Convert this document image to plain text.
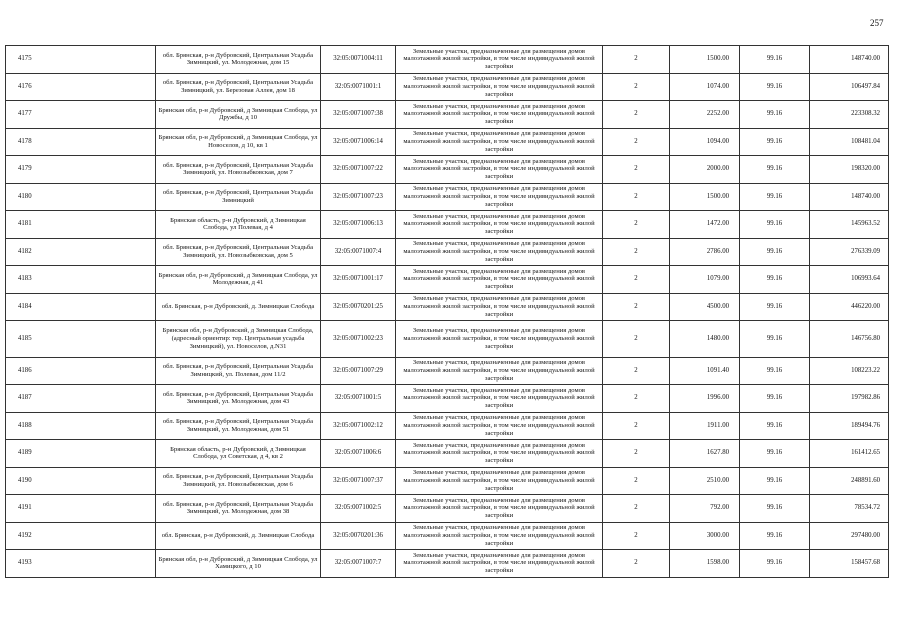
257
4175	обл. Брянская, р-н Дубровский, Центральная Усадьба Зимницкий, ул. Молодежная, дом 15	32:05:0071004:11	Земельные участки, предназначенные для размещения домов малоэтажной жилой застройки, в том числе индивидуальной жилой застройки	2	1500.00	99.16	148740.00
4176	обл. Брянская, р-н Дубровский, Центральная Усадьба Зимницкий, ул. Березовая Аллея, дом 18	32:05:0071001:1	Земельные участки, предназначенные для размещения домов малоэтажной жилой застройки, в том числе индивидуальной жилой застройки	2	1074.00	99.16	106497.84
4177	Брянская обл, р-н Дубровский, д Зимницкая Слобода, ул Дружбы, д 10	32:05:0071007:38	Земельные участки, предназначенные для размещения домов малоэтажной жилой застройки, в том числе индивидуальной жилой застройки	2	2252.00	99.16	223308.32
4178	Брянская обл, р-н Дубровский, д Зимницкая Слобода, ул Новоселов, д 10, кв 1	32:05:0071006:14	Земельные участки, предназначенные для размещения домов малоэтажной жилой застройки, в том числе индивидуальной жилой застройки	2	1094.00	99.16	108481.04
4179	обл. Брянская, р-н Дубровский, Центральная Усадьба Зимницкий, ул. Новозыбковская, дом 7	32:05:0071007:22	Земельные участки, предназначенные для размещения домов малоэтажной жилой застройки, в том числе индивидуальной жилой застройки	2	2000.00	99.16	198320.00
4180	обл. Брянская, р-н Дубровский, Центральная Усадьба Зимницкий	32:05:0071007:23	Земельные участки, предназначенные для размещения домов малоэтажной жилой застройки, в том числе индивидуальной жилой застройки	2	1500.00	99.16	148740.00
4181	Брянская область, р-н Дубровский, д Зимницкая Слобода, ул Полевая, д 4	32:05:0071006:13	Земельные участки, предназначенные для размещения домов малоэтажной жилой застройки, в том числе индивидуальной жилой застройки	2	1472.00	99.16	145963.52
4182	обл. Брянская, р-н Дубровский, Центральная Усадьба Зимницкий, ул. Новозыбковская, дом 5	32:05:0071007:4	Земельные участки, предназначенные для размещения домов малоэтажной жилой застройки, в том числе индивидуальной жилой застройки	2	2786.00	99.16	276339.09
4183	Брянская обл, р-н Дубровский, д Зимницкая Слобода, ул Молодежная, д 41	32:05:0071001:17	Земельные участки, предназначенные для размещения домов малоэтажной жилой застройки, в том числе индивидуальной жилой застройки	2	1079.00	99.16	106993.64
4184	обл. Брянская, р-н Дубровский, д. Зимницкая Слобода	32:05:0070201:25	Земельные участки, предназначенные для размещения домов малоэтажной жилой застройки, в том числе индивидуальной жилой застройки	2	4500.00	99.16	446220.00
4185	Брянская обл, р-н Дубровский, д Зимницкая Слобода, (адресный ориентир: тер. Центральная усадьба Зимницкий), ул. Новоселов, д.N31	32:05:0071002:23	Земельные участки, предназначенные для размещения домов малоэтажной жилой застройки, в том числе индивидуальной жилой застройки	2	1480.00	99.16	146756.80
4186	обл. Брянская, р-н Дубровский, Центральная Усадьба Зимницкий, ул. Полевая, дом 11/2	32:05:0071007:29	Земельные участки, предназначенные для размещения домов малоэтажной жилой застройки, в том числе индивидуальной жилой застройки	2	1091.40	99.16	108223.22
4187	обл. Брянская, р-н Дубровский, Центральная Усадьба Зимницкий, ул. Молодежная, дом 43	32:05:0071001:5	Земельные участки, предназначенные для размещения домов малоэтажной жилой застройки, в том числе индивидуальной жилой застройки	2	1996.00	99.16	197982.86
4188	обл. Брянская, р-н Дубровский, Центральная Усадьба Зимницкий, ул. Молодежная, дом 51	32:05:0071002:12	Земельные участки, предназначенные для размещения домов малоэтажной жилой застройки, в том числе индивидуальной жилой застройки	2	1911.00	99.16	189494.76
4189	Брянская область, р-н Дубровский, д Зимницкая Слобода, ул Советская, д 4, кв 2	32:05:0071006:6	Земельные участки, предназначенные для размещения домов малоэтажной жилой застройки, в том числе индивидуальной жилой застройки	2	1627.80	99.16	161412.65
4190	обл. Брянская, р-н Дубровский, Центральная Усадьба Зимницкий, ул. Новозыбковская, дом 6	32:05:0071007:37	Земельные участки, предназначенные для размещения домов малоэтажной жилой застройки, в том числе индивидуальной жилой застройки	2	2510.00	99.16	248891.60
4191	обл. Брянская, р-н Дубровский, Центральная Усадьба Зимницкий, ул. Молодежная, дом 38	32:05:0071002:5	Земельные участки, предназначенные для размещения домов малоэтажной жилой застройки, в том числе индивидуальной жилой застройки	2	792.00	99.16	78534.72
4192	обл. Брянская, р-н Дубровский, д. Зимницкая Слобода	32:05:0070201:36	Земельные участки, предназначенные для размещения домов малоэтажной жилой застройки, в том числе индивидуальной жилой застройки	2	3000.00	99.16	297480.00
4193	Брянская обл, р-н Дубровский, д Зимницкая Слобода, ул Хамицкого, д 10	32:05:0071007:7	Земельные участки, предназначенные для размещения домов малоэтажной жилой застройки, в том числе индивидуальной жилой застройки	2	1598.00	99.16	158457.68
